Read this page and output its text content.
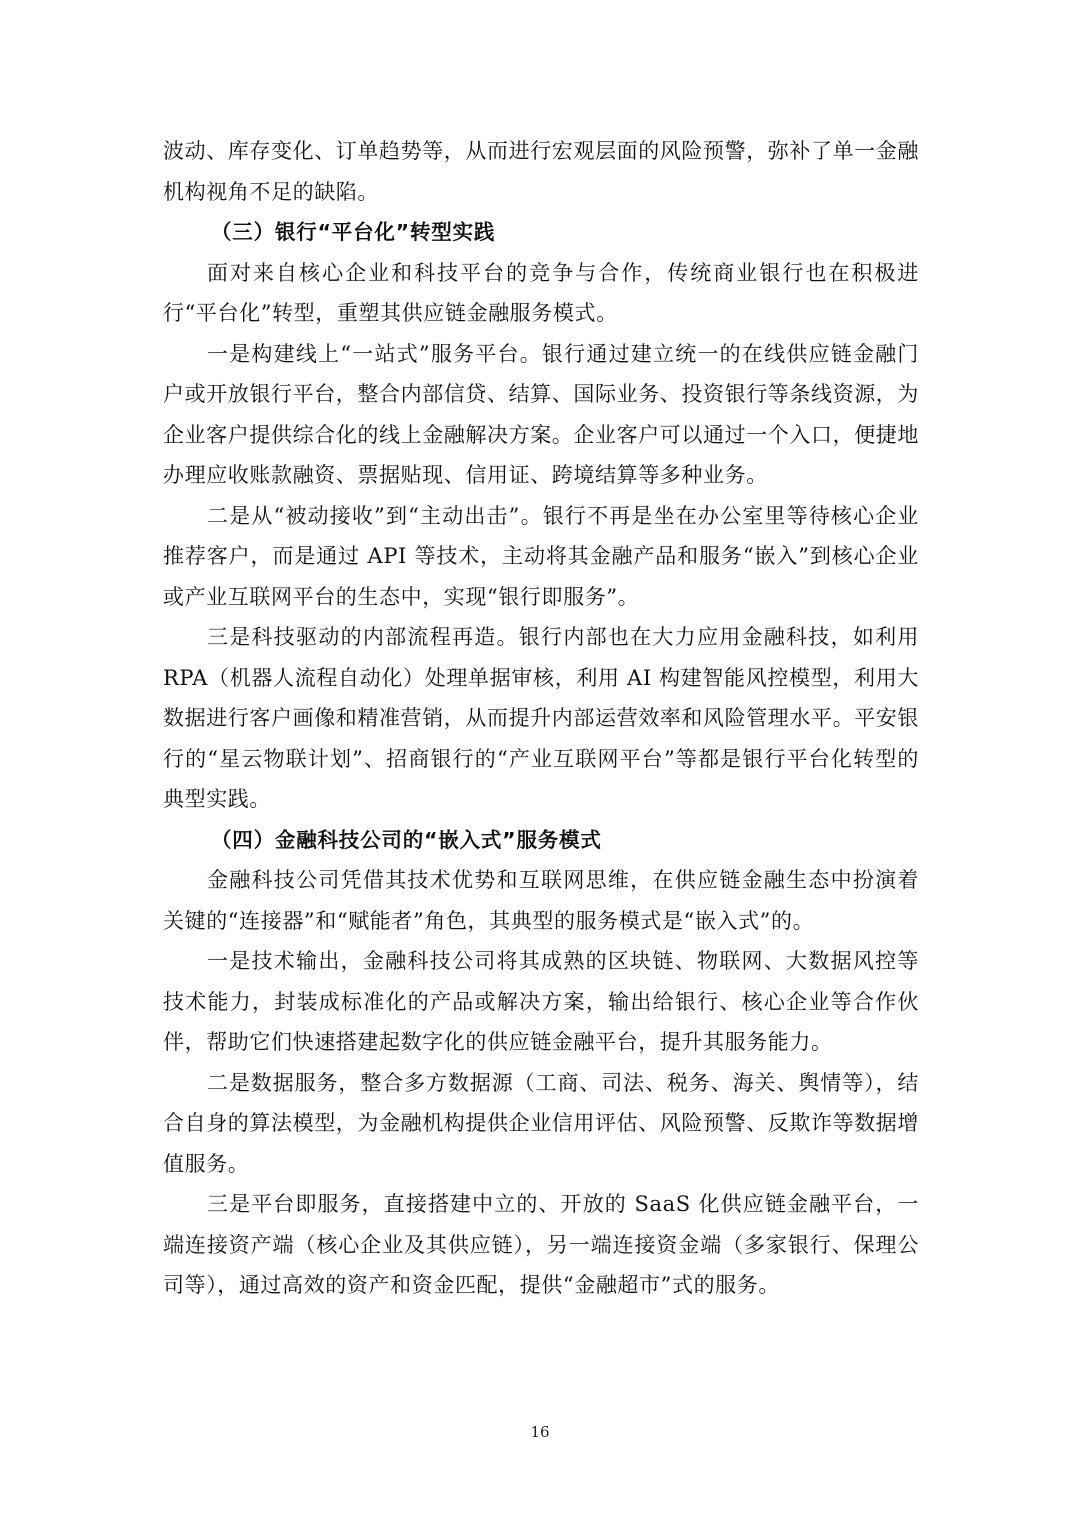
波动、库存变化、订单趋势等，从而进行宏观层面的风险预警，弥补了单一金融机构视角不足的缺陷。

（三）银行“平台化”转型实践

面对来自核心企业和科技平台的竞争与合作，传统商业银行也在积极进行“平台化”转型，重塑其供应链金融服务模式。

一是构建线上“一站式”服务平台。银行通过建立统一的在线供应链金融门户或开放银行平台，整合内部信贷、结算、国际业务、投资银行等条线资源，为企业客户提供综合化的线上金融解决方案。企业客户可以通过一个入口，便捷地办理应收账款融资、票据贴现、信用证、跨境结算等多种业务。

二是从“被动接收”到“主动出击”。银行不再是坐在办公室里等待核心企业推荐客户，而是通过 API 等技术，主动将其金融产品和服务“嵌入”到核心企业或产业互联网平台的生态中，实现“银行即服务”。

三是科技驱动的内部流程再造。银行内部也在大力应用金融科技，如利用 RPA（机器人流程自动化）处理单据审核，利用 AI 构建智能风控模型，利用大数据进行客户画像和精准营销，从而提升内部运营效率和风险管理水平。平安银行的“星云物联计划”、招商银行的“产业互联网平台”等都是银行平台化转型的典型实践。

（四）金融科技公司的“嵌入式”服务模式

金融科技公司凭借其技术优势和互联网思维，在供应链金融生态中扮演着关键的“连接器”和“赋能者”角色，其典型的服务模式是“嵌入式”的。

一是技术输出，金融科技公司将其成熟的区块链、物联网、大数据风控等技术能力，封装成标准化的产品或解决方案，输出给银行、核心企业等合作伙伴，帮助它们快速搭建起数字化的供应链金融平台，提升其服务能力。

二是数据服务，整合多方数据源（工商、司法、税务、海关、舆情等），结合自身的算法模型，为金融机构提供企业信用评估、风险预警、反欺诈等数据增值服务。

三是平台即服务，直接搭建中立的、开放的 SaaS 化供应链金融平台，一端连接资产端（核心企业及其供应链），另一端连接资金端（多家银行、保理公司等），通过高效的资产和资金匹配，提供“金融超市”式的服务。

16
